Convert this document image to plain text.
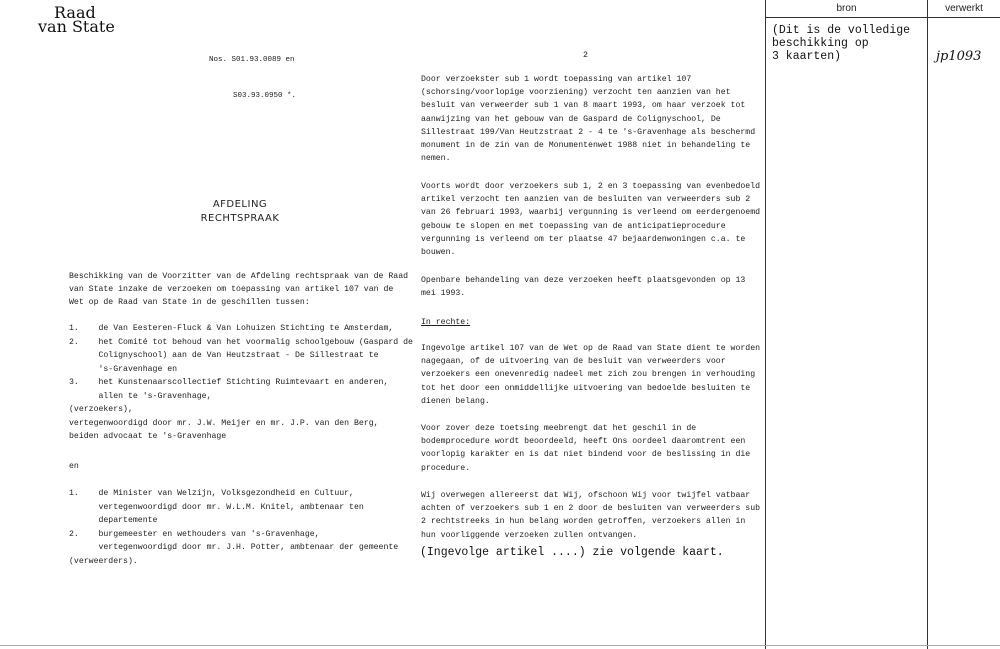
Raad
van State

Nos. S01.93.0089 en

S03.93.0950 *.

2
AFDELING
RECHTSPRAAK
Beschikking van de Voorzitter van de Afdeling rechtspraak van de Raad
van State inzake de verzoeken om toepassing van artikel 107 van de
Wet op de Raad van State in de geschillen tussen:
1.    de Van Eesteren-Fluck & Van Lohuizen Stichting te Amsterdam,
2.    het Comité tot behoud van het voormalig schoolgebouw (Gaspard de
Colignyschool) aan de Van Heutzstraat - De Sillestraat te
's-Gravenhage en
3.    het Kunstenaarscollectief Stichting Ruimtevaart en anderen,
allen te 's-Gravenhage,
(verzoekers),
vertegenwoordigd door mr. J.W. Meijer en mr. J.P. van den Berg,
beiden advocaat te 's-Gravenhage
en
1.    de Minister van Welzijn, Volksgezondheid en Cultuur,
vertegenwoordigd door mr. W.L.M. Knitel, ambtenaar ten
departemente
2.    burgemeester en wethouders van 's-Gravenhage,
vertegenwoordigd door mr. J.H. Potter, ambtenaar der gemeente
(verweerders).
Door verzoekster sub 1 wordt toepassing van artikel 107
(schorsing/voorlopige voorziening) verzocht ten aanzien van het
besluit van verweerder sub 1 van 8 maart 1993, om haar verzoek tot
aanwijzing van het gebouw van de Gaspard de Colignyschool, De
Sillestraat 199/Van Heutzstraat 2 - 4 te 's-Gravenhage als beschermd
monument in de zin van de Monumentenwet 1988 niet in behandeling te
nemen.
Voorts wordt door verzoekers sub 1, 2 en 3 toepassing van evenbedoeld
artikel verzocht ten aanzien van de besluiten van verweerders sub 2
van 26 februari 1993, waarbij vergunning is verleend om eerdergenoemd
gebouw te slopen en met toepassing van de anticipatieprocedure
vergunning is verleend om ter plaatse 47 bejaardenwoningen c.a. te
bouwen.
Openbare behandeling van deze verzoeken heeft plaatsgevonden op 13
mei 1993.
In rechte:
Ingevolge artikel 107 van de Wet op de Raad van State dient te worden
nagegaan, of de uitvoering van de besluit van verweerders voor
verzoekers een onevenredig nadeel met zich zou brengen in verhouding
tot het door een onmiddellijke uitvoering van bedoelde besluiten te
dienen belang.
Voor zover deze toetsing meebrengt dat het geschil in de
bodemprocedure wordt beoordeeld, heeft Ons oordeel daaromtrent een
voorlopig karakter en is dat niet bindend voor de beslissing in die
procedure.
Wij overwegen allereerst dat Wij, ofschoon Wij voor twijfel vatbaar
achten of verzoekers sub 1 en 2 door de besluiten van verweerders sub
2 rechtstreeks in hun belang worden getroffen, verzoekers allen in
hun voorliggende verzoeken zullen ontvangen.
(Ingevolge artikel ....) zie volgende kaart.
bron	verwerkt
(Dit is de volledige
beschikking op
3 kaarten)	jp1093
